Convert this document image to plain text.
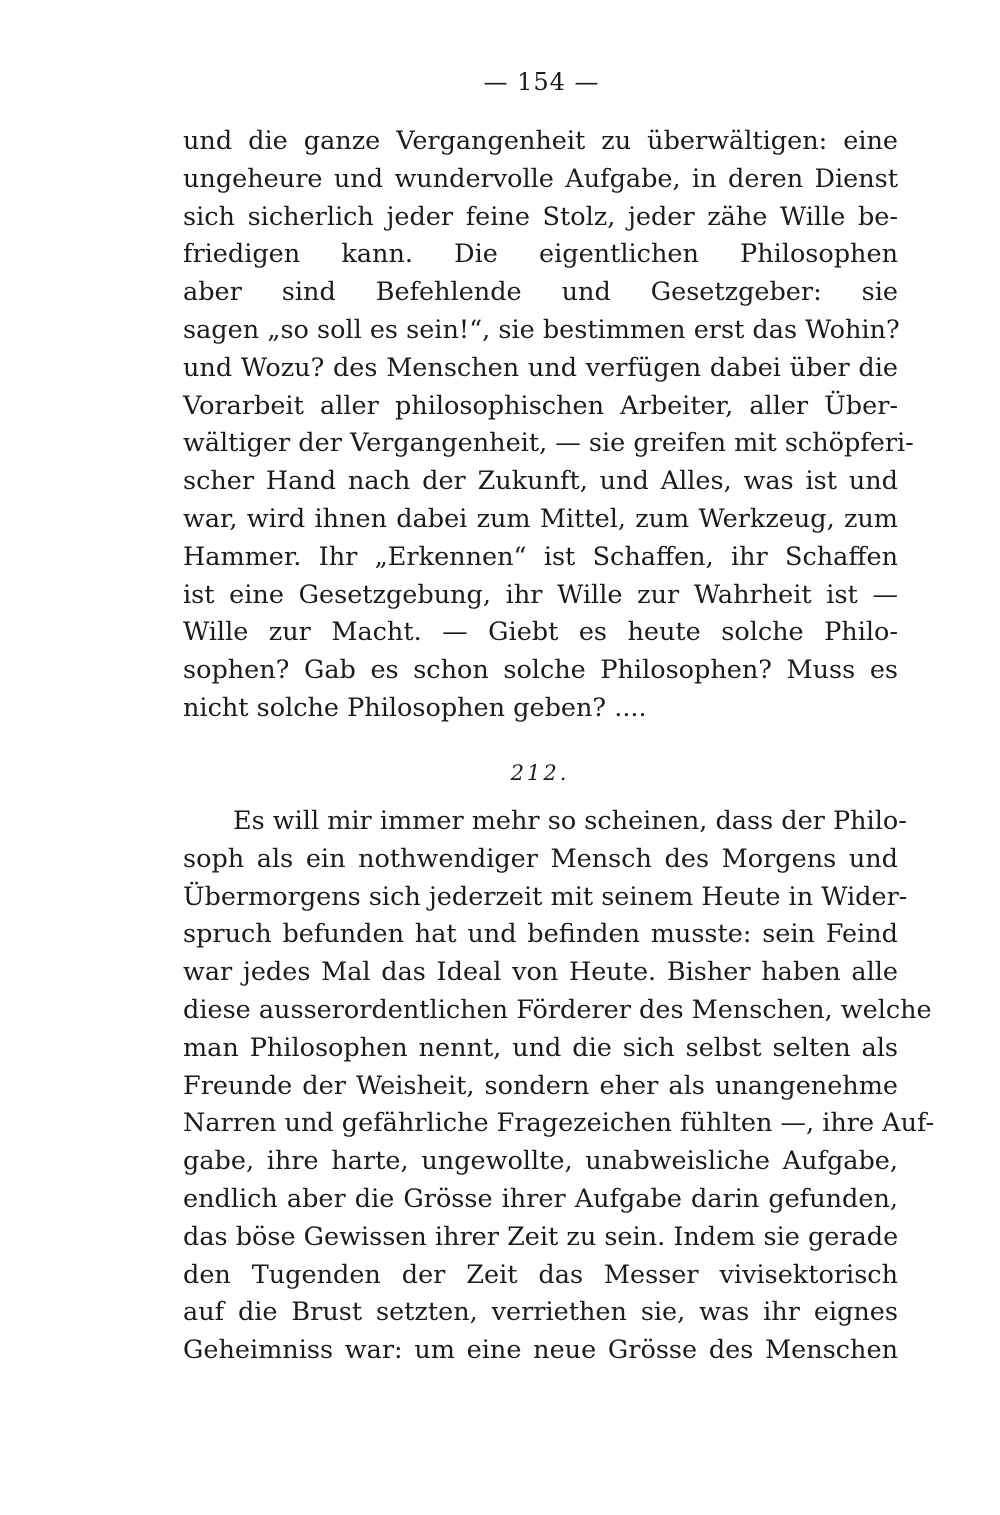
— 154 —
und die ganze Vergangenheit zu überwältigen: eine
ungeheure und wundervolle Aufgabe, in deren Dienst
sich sicherlich jeder feine Stolz, jeder zähe Wille be-
friedigen kann. Die eigentlichen Philosophen
aber sind Befehlende und Gesetzgeber: sie
sagen „so soll es sein!“, sie bestimmen erst das Wohin?
und Wozu? des Menschen und verfügen dabei über die
Vorarbeit aller philosophischen Arbeiter, aller Über-
wältiger der Vergangenheit, — sie greifen mit schöpferi-
scher Hand nach der Zukunft, und Alles, was ist und
war, wird ihnen dabei zum Mittel, zum Werkzeug, zum
Hammer. Ihr „Erkennen“ ist Schaffen, ihr Schaffen
ist eine Gesetzgebung, ihr Wille zur Wahrheit ist —
Wille zur Macht. — Giebt es heute solche Philo-
sophen? Gab es schon solche Philosophen? Muss es
nicht solche Philosophen geben? ....
212.
Es will mir immer mehr so scheinen, dass der Philo-
soph als ein nothwendiger Mensch des Morgens und
Übermorgens sich jederzeit mit seinem Heute in Wider-
spruch befunden hat und befinden musste: sein Feind
war jedes Mal das Ideal von Heute. Bisher haben alle
diese ausserordentlichen Förderer des Menschen, welche
man Philosophen nennt, und die sich selbst selten als
Freunde der Weisheit, sondern eher als unangenehme
Narren und gefährliche Fragezeichen fühlten —, ihre Auf-
gabe, ihre harte, ungewollte, unabweisliche Aufgabe,
endlich aber die Grösse ihrer Aufgabe darin gefunden,
das böse Gewissen ihrer Zeit zu sein. Indem sie gerade
den Tugenden der Zeit das Messer vivisektorisch
auf die Brust setzten, verriethen sie, was ihr eignes
Geheimniss war: um eine neue Grösse des Menschen
